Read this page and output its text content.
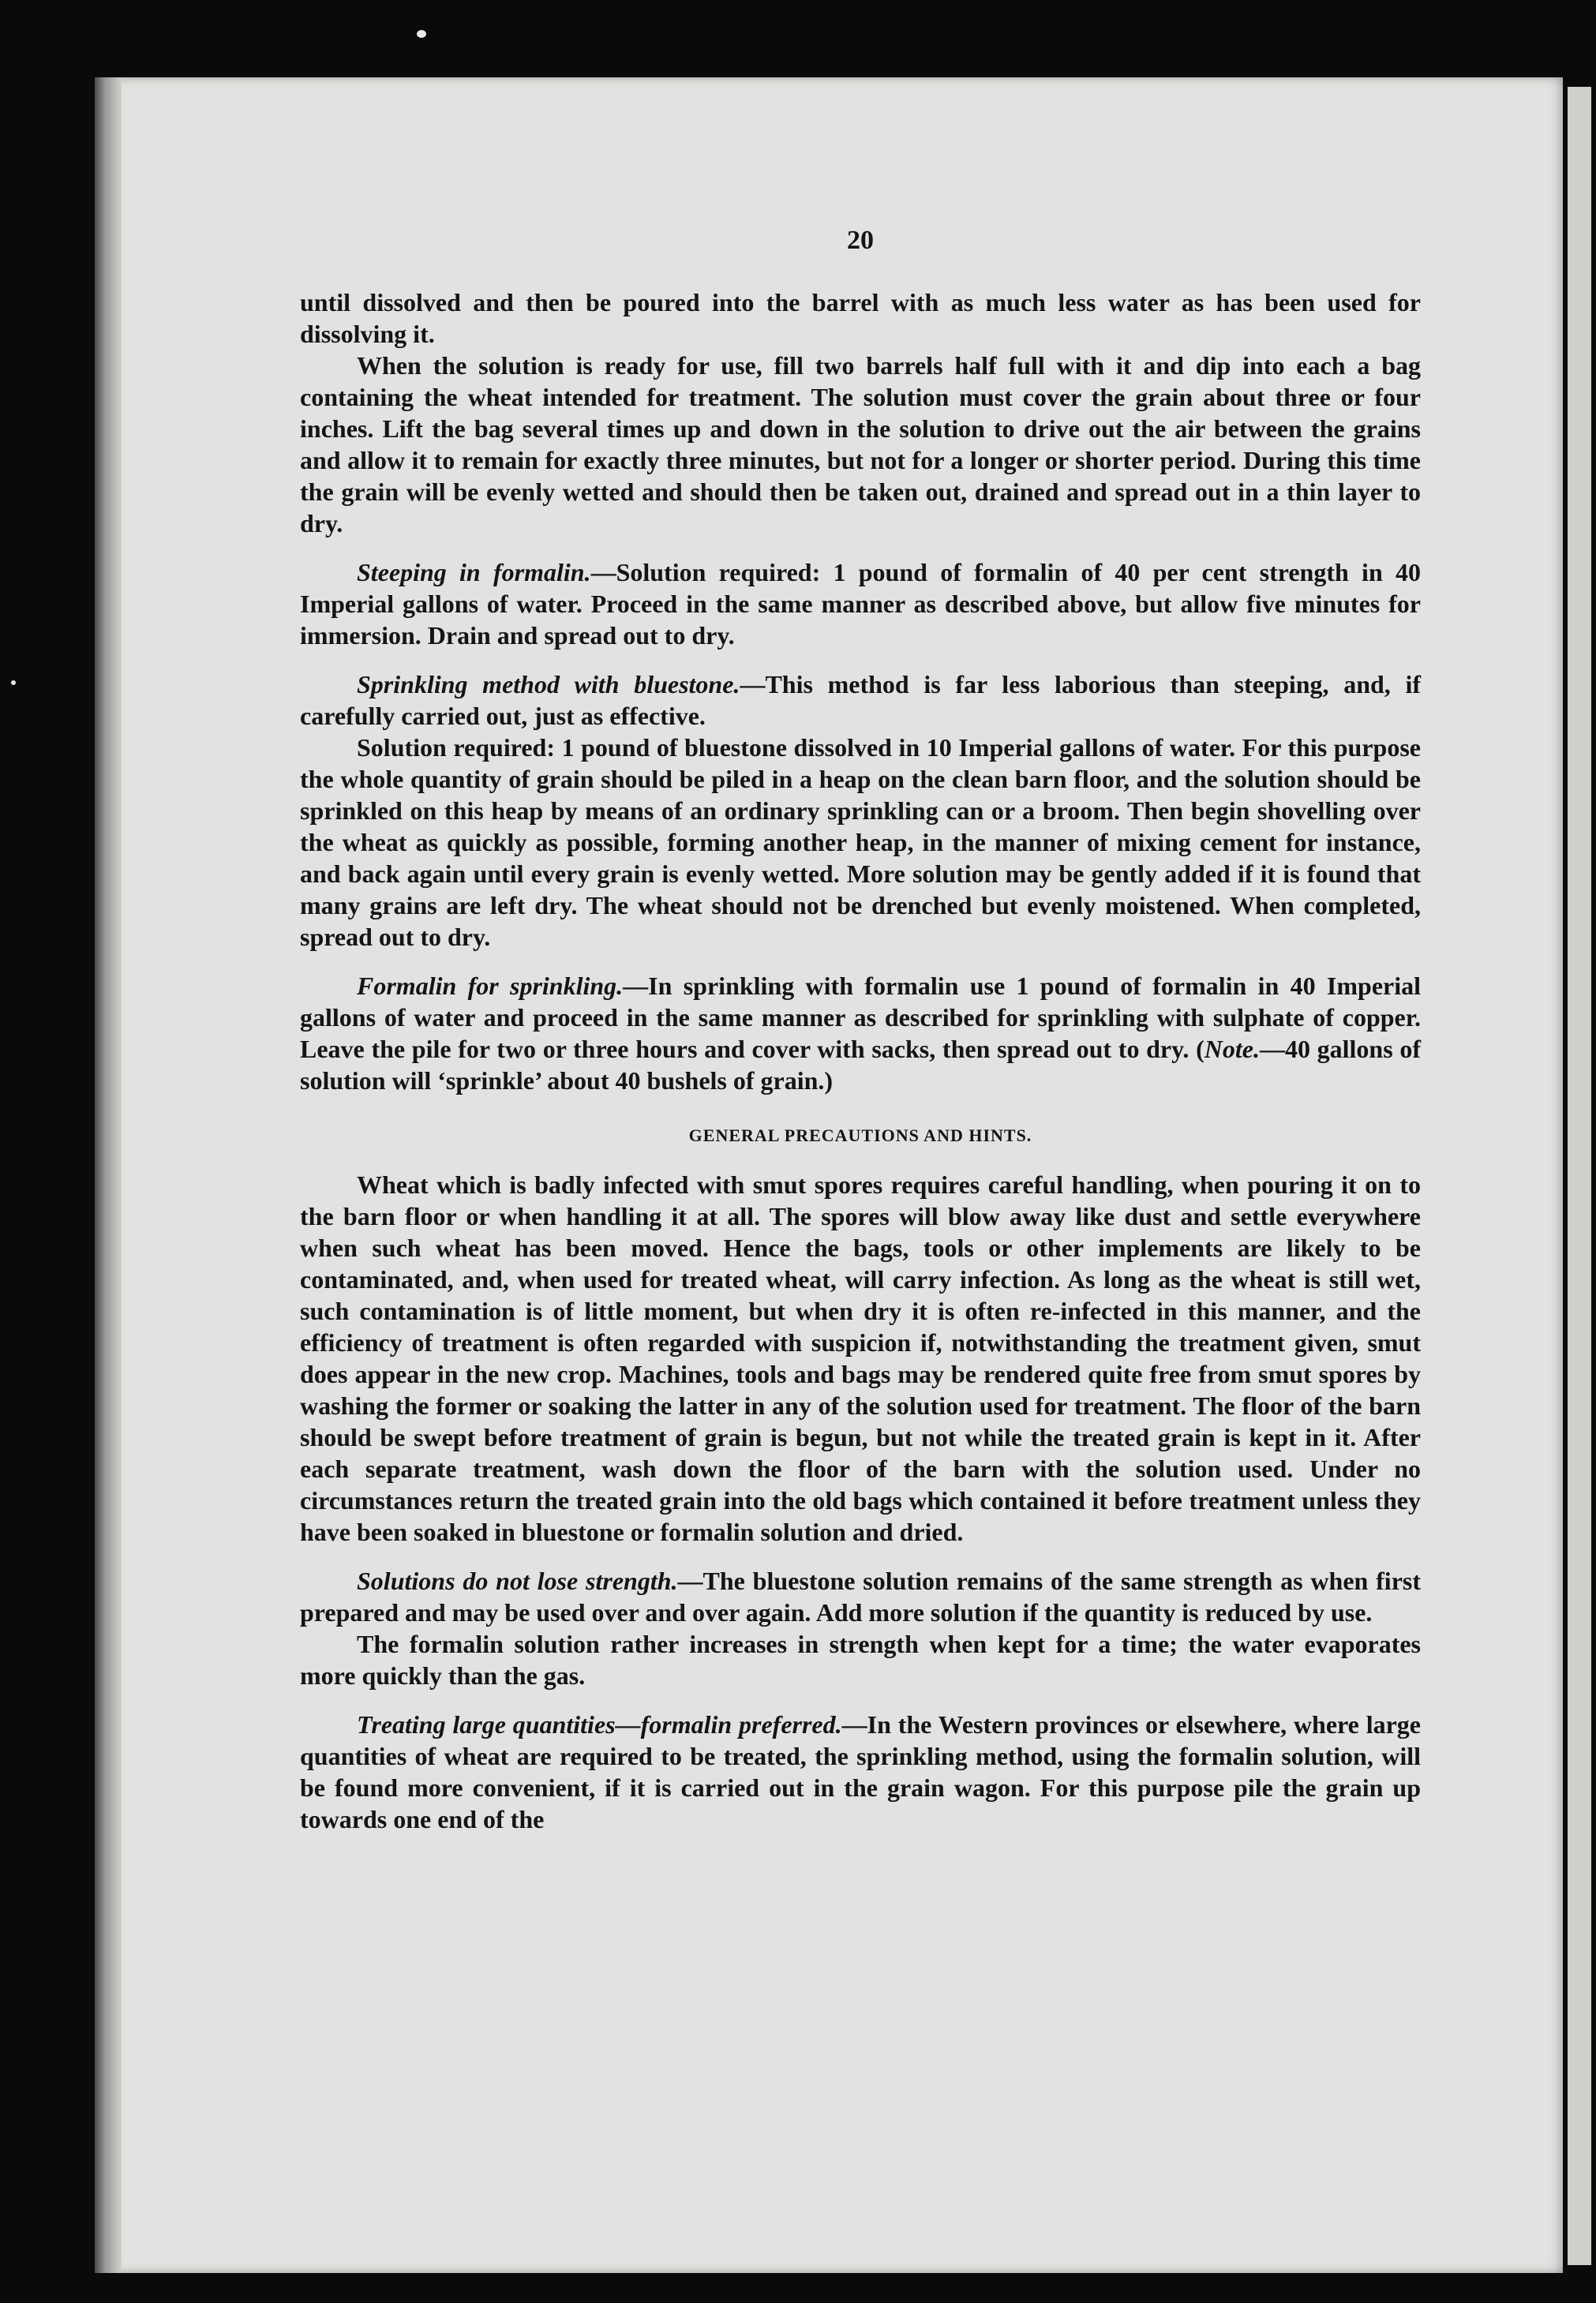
20

until dissolved and then be poured into the barrel with as much less water as has been used for dissolving it.

When the solution is ready for use, fill two barrels half full with it and dip into each a bag containing the wheat intended for treatment. The solution must cover the grain about three or four inches. Lift the bag several times up and down in the solution to drive out the air between the grains and allow it to remain for exactly three minutes, but not for a longer or shorter period. During this time the grain will be evenly wetted and should then be taken out, drained and spread out in a thin layer to dry.

Steeping in formalin.—Solution required: 1 pound of formalin of 40 per cent strength in 40 Imperial gallons of water. Proceed in the same manner as described above, but allow five minutes for immersion. Drain and spread out to dry.

Sprinkling method with bluestone.—This method is far less laborious than steeping, and, if carefully carried out, just as effective.

Solution required: 1 pound of bluestone dissolved in 10 Imperial gallons of water. For this purpose the whole quantity of grain should be piled in a heap on the clean barn floor, and the solution should be sprinkled on this heap by means of an ordinary sprinkling can or a broom. Then begin shovelling over the wheat as quickly as possible, forming another heap, in the manner of mixing cement for instance, and back again until every grain is evenly wetted. More solution may be gently added if it is found that many grains are left dry. The wheat should not be drenched but evenly moistened. When completed, spread out to dry.

Formalin for sprinkling.—In sprinkling with formalin use 1 pound of formalin in 40 Imperial gallons of water and proceed in the same manner as described for sprinkling with sulphate of copper. Leave the pile for two or three hours and cover with sacks, then spread out to dry. (Note.—40 gallons of solution will ‘sprinkle’ about 40 bushels of grain.)

GENERAL PRECAUTIONS AND HINTS.

Wheat which is badly infected with smut spores requires careful handling, when pouring it on to the barn floor or when handling it at all. The spores will blow away like dust and settle everywhere when such wheat has been moved. Hence the bags, tools or other implements are likely to be contaminated, and, when used for treated wheat, will carry infection. As long as the wheat is still wet, such contamination is of little moment, but when dry it is often re-infected in this manner, and the efficiency of treatment is often regarded with suspicion if, notwithstanding the treatment given, smut does appear in the new crop. Machines, tools and bags may be rendered quite free from smut spores by washing the former or soaking the latter in any of the solution used for treatment. The floor of the barn should be swept before treatment of grain is begun, but not while the treated grain is kept in it. After each separate treatment, wash down the floor of the barn with the solution used. Under no circumstances return the treated grain into the old bags which contained it before treatment unless they have been soaked in bluestone or formalin solution and dried.

Solutions do not lose strength.—The bluestone solution remains of the same strength as when first prepared and may be used over and over again. Add more solution if the quantity is reduced by use.

The formalin solution rather increases in strength when kept for a time; the water evaporates more quickly than the gas.

Treating large quantities—formalin preferred.—In the Western provinces or elsewhere, where large quantities of wheat are required to be treated, the sprinkling method, using the formalin solution, will be found more convenient, if it is carried out in the grain wagon. For this purpose pile the grain up towards one end of the
